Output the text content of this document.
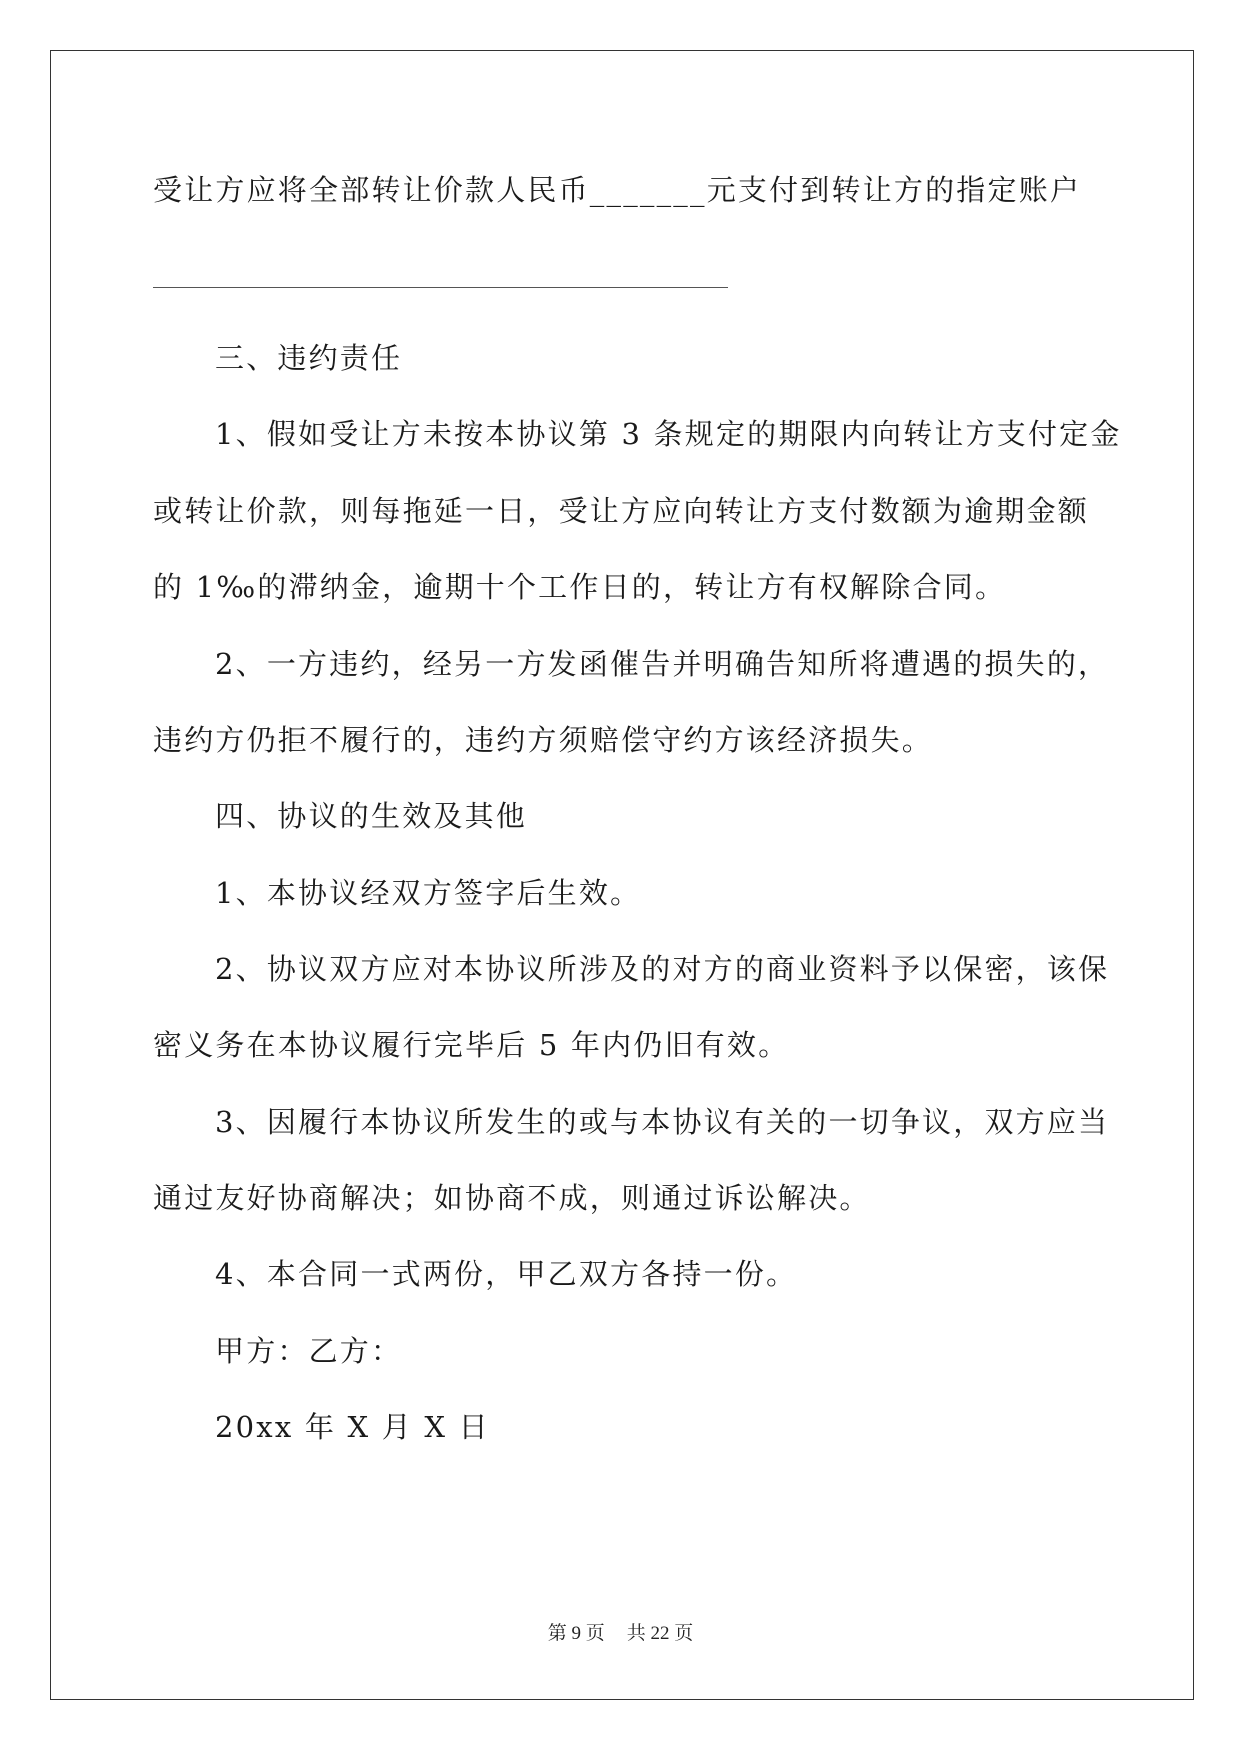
受让方应将全部转让价款人民币_______元支付到转让方的指定账户
三、违约责任
1、假如受让方未按本协议第 3 条规定的期限内向转让方支付定金
或转让价款，则每拖延一日，受让方应向转让方支付数额为逾期金额
的 1‰的滞纳金，逾期十个工作日的，转让方有权解除合同。
2、一方违约，经另一方发函催告并明确告知所将遭遇的损失的，
违约方仍拒不履行的，违约方须赔偿守约方该经济损失。
四、协议的生效及其他
1、本协议经双方签字后生效。
2、协议双方应对本协议所涉及的对方的商业资料予以保密，该保
密义务在本协议履行完毕后 5 年内仍旧有效。
3、因履行本协议所发生的或与本协议有关的一切争议，双方应当
通过友好协商解决；如协商不成，则通过诉讼解决。
4、本合同一式两份，甲乙双方各持一份。
甲方：乙方：
20xx 年 X 月 X 日
第 9 页 共 22 页
